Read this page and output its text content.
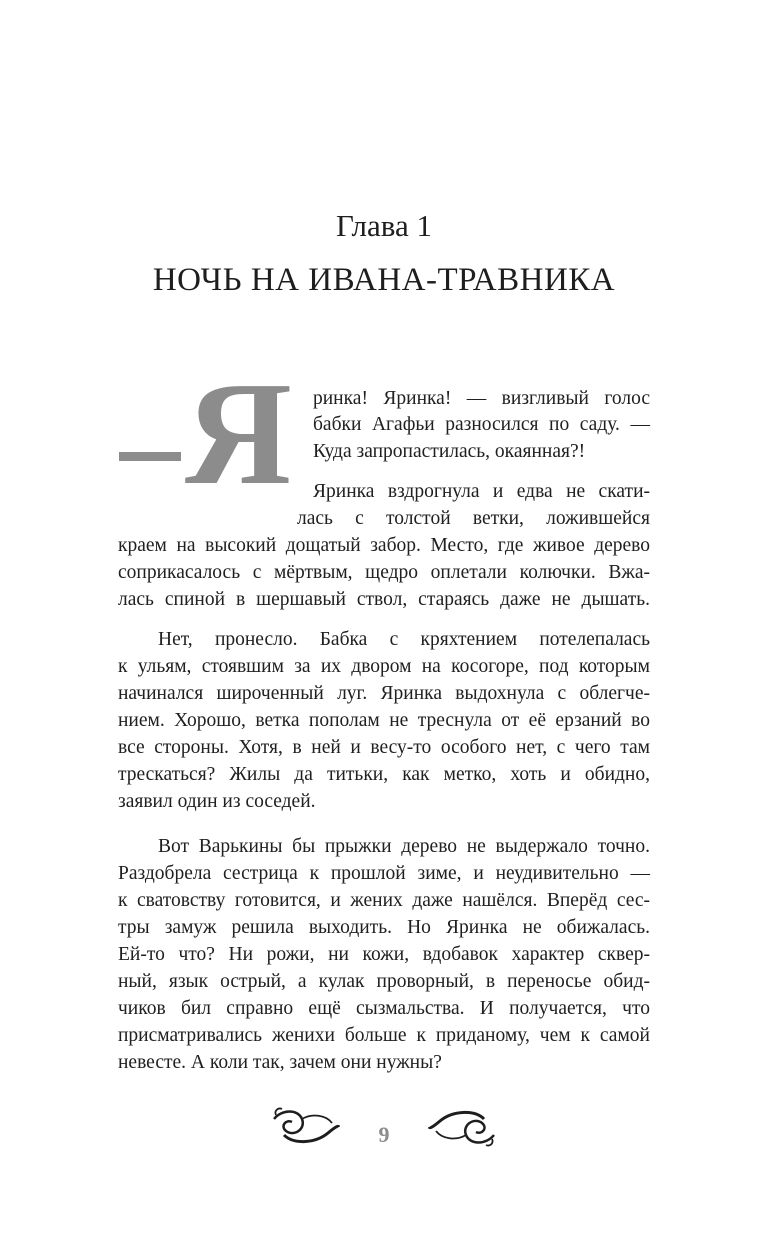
Глава 1
НОЧЬ НА ИВАНА-ТРАВНИКА
Я ринка! Яринка! — визгливый голос
бабки Агафьи разносился по саду. —
Куда запропастилась, окаянная?!
Яринка вздрогнула и едва не скати-
лась с толстой ветки, ложившейся
краем на высокий дощатый забор. Место, где живое дерево
соприкасалось с мёртвым, щедро оплетали колючки. Вжа-
лась спиной в шершавый ствол, стараясь даже не дышать.
Нет, пронесло. Бабка с кряхтением потелепалась
к ульям, стоявшим за их двором на косогоре, под которым
начинался широченный луг. Яринка выдохнула с облегче-
нием. Хорошо, ветка пополам не треснула от её ерзаний во
все стороны. Хотя, в ней и весу-то особого нет, с чего там
трескаться? Жилы да титьки, как метко, хоть и обидно,
заявил один из соседей.
Вот Варькины бы прыжки дерево не выдержало точно.
Раздобрела сестрица к прошлой зиме, и неудивительно —
к сватовству готовится, и жених даже нашёлся. Вперёд сес-
тры замуж решила выходить. Но Яринка не обижалась.
Ей-то что? Ни рожи, ни кожи, вдобавок характер сквер-
ный, язык острый, а кулак проворный, в переносье обид-
чиков бил справно ещё сызмальства. И получается, что
присматривались женихи больше к приданому, чем к самой
невесте. А коли так, зачем они нужны?
9
